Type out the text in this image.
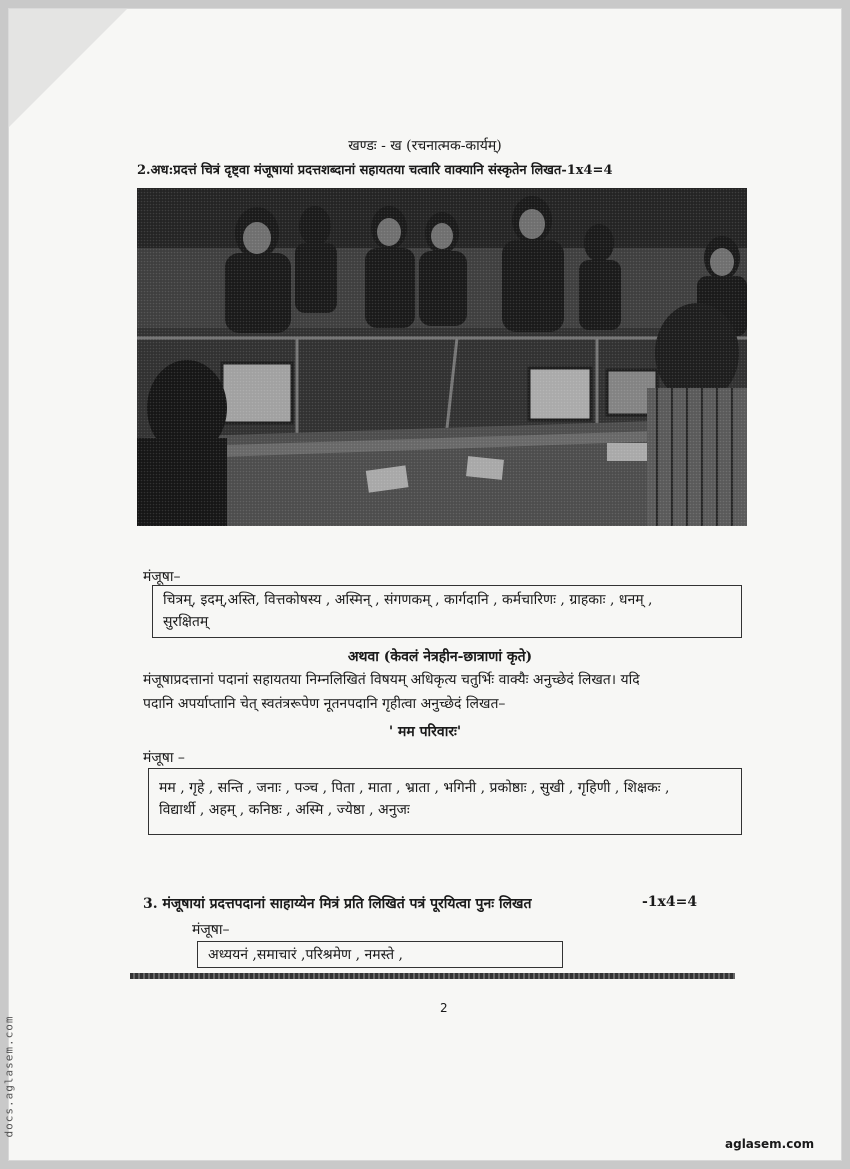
खण्डः - ख (रचनात्मक-कार्यम्)
2.अध:प्रदत्तं चित्रं दृष्ट्वा मंजूषायां प्रदत्तशब्दानां सहायतया चत्वारि वाक्यानि संस्कृतेन लिखत-1x4=4
मंजूषा–
चित्रम्, इदम्,अस्ति, वित्तकोषस्य , अस्मिन् , संगणकम् , कार्गदानि , कर्मचारिणः , ग्राहकाः , धनम् ,
सुरक्षितम्
अथवा (केवलं नेत्रहीन-छात्राणां कृते)
मंजूषाप्रदत्तानां पदानां सहायतया निम्नलिखितं विषयम् अधिकृत्य चतुर्भिः वाक्यैः अनुच्छेदं लिखत। यदि
पदानि अपर्याप्तानि चेत् स्वतंत्ररूपेण नूतनपदानि गृहीत्वा अनुच्छेदं लिखत–
' मम परिवारः'
मंजूषा –
मम , गृहे , सन्ति , जनाः , पञ्च , पिता , माता , भ्राता , भगिनी , प्रकोष्ठाः , सुखी , गृहिणी , शिक्षकः ,
विद्यार्थी , अहम् , कनिष्ठः , अस्मि , ज्येष्ठा , अनुजः
3. मंजूषायां प्रदत्तपदानां साहाय्येन मित्रं प्रति लिखितं पत्रं पूरयित्वा पुनः लिखत	-1x4=4
मंजूषा–
अध्ययनं ,समाचारं ,परिश्रमेण , नमस्ते ,
2
docs.aglasem.com
aglasem.com
